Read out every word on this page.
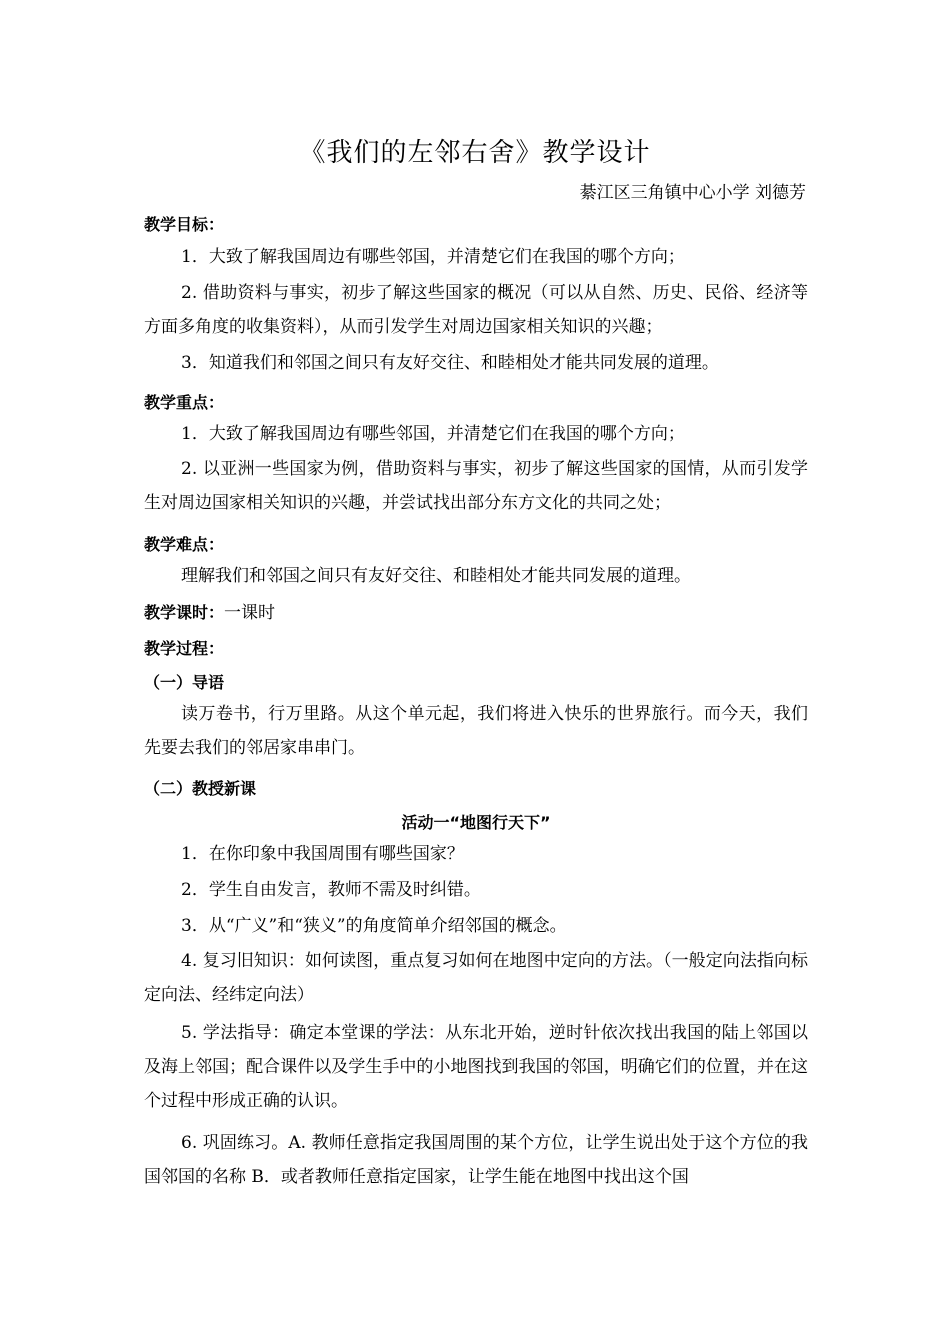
《我们的左邻右舍》教学设计
綦江区三角镇中心小学 刘德芳
教学目标：
1．大致了解我国周边有哪些邻国，并清楚它们在我国的哪个方向；
2. 借助资料与事实，初步了解这些国家的概况（可以从自然、历史、民俗、经济等方面多角度的收集资料），从而引发学生对周边国家相关知识的兴趣；
3．知道我们和邻国之间只有友好交往、和睦相处才能共同发展的道理。
教学重点：
1．大致了解我国周边有哪些邻国，并清楚它们在我国的哪个方向；
2. 以亚洲一些国家为例，借助资料与事实，初步了解这些国家的国情，从而引发学生对周边国家相关知识的兴趣，并尝试找出部分东方文化的共同之处；
教学难点：
理解我们和邻国之间只有友好交往、和睦相处才能共同发展的道理。
教学课时：一课时
教学过程：
（一）导语
读万卷书，行万里路。从这个单元起，我们将进入快乐的世界旅行。而今天，我们先要去我们的邻居家串串门。
（二）教授新课
活动一“地图行天下”
1．在你印象中我国周围有哪些国家？
2．学生自由发言，教师不需及时纠错。
3．从“广义”和“狭义”的角度简单介绍邻国的概念。
4. 复习旧知识：如何读图，重点复习如何在地图中定向的方法。（一般定向法指向标定向法、经纬定向法）
5. 学法指导：确定本堂课的学法：从东北开始，逆时针依次找出我国的陆上邻国以及海上邻国；配合课件以及学生手中的小地图找到我国的邻国，明确它们的位置，并在这个过程中形成正确的认识。
6. 巩固练习。A. 教师任意指定我国周围的某个方位，让学生说出处于这个方位的我国邻国的名称 B．或者教师任意指定国家，让学生能在地图中找出这个国
